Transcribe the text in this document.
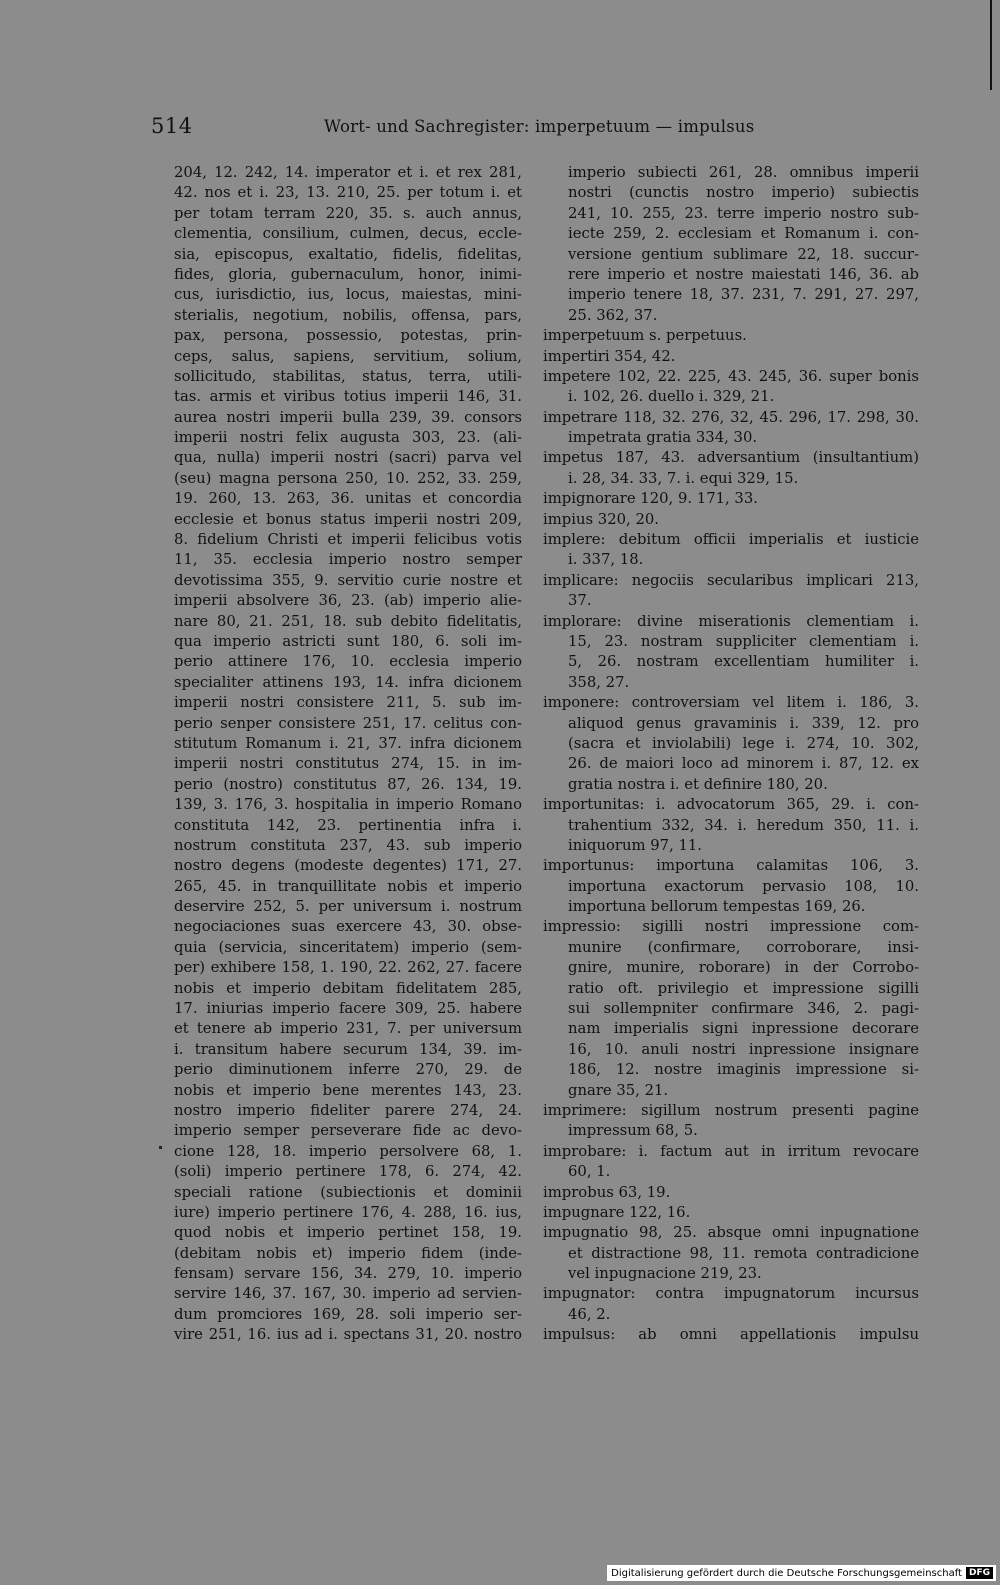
514	Wort- und Sachregister: imperpetuum — impulsus
204, 12. 242, 14. imperator et i. et rex 281,
42. nos et i. 23, 13. 210, 25. per totum i. et
per totam terram 220, 35. s. auch annus,
clementia, consilium, culmen, decus, eccle-
sia, episcopus, exaltatio, fidelis, fidelitas,
fides, gloria, gubernaculum, honor, inimi-
cus, iurisdictio, ius, locus, maiestas, mini-
sterialis, negotium, nobilis, offensa, pars,
pax, persona, possessio, potestas, prin-
ceps, salus, sapiens, servitium, solium,
sollicitudo, stabilitas, status, terra, utili-
tas. armis et viribus totius imperii 146, 31.
aurea nostri imperii bulla 239, 39. consors
imperii nostri felix augusta 303, 23. (ali-
qua, nulla) imperii nostri (sacri) parva vel
(seu) magna persona 250, 10. 252, 33. 259,
19. 260, 13. 263, 36. unitas et concordia
ecclesie et bonus status imperii nostri 209,
8. fidelium Christi et imperii felicibus votis
11, 35. ecclesia imperio nostro semper
devotissima 355, 9. servitio curie nostre et
imperii absolvere 36, 23. (ab) imperio alie-
nare 80, 21. 251, 18. sub debito fidelitatis,
qua imperio astricti sunt 180, 6. soli im-
perio attinere 176, 10. ecclesia imperio
specialiter attinens 193, 14. infra dicionem
imperii nostri consistere 211, 5. sub im-
perio senper consistere 251, 17. celitus con-
stitutum Romanum i. 21, 37. infra dicionem
imperii nostri constitutus 274, 15. in im-
perio (nostro) constitutus 87, 26. 134, 19.
139, 3. 176, 3. hospitalia in imperio Romano
constituta 142, 23. pertinentia infra i.
nostrum constituta 237, 43. sub imperio
nostro degens (modeste degentes) 171, 27.
265, 45. in tranquillitate nobis et imperio
deservire 252, 5. per universum i. nostrum
negociaciones suas exercere 43, 30. obse-
quia (servicia, sinceritatem) imperio (sem-
per) exhibere 158, 1. 190, 22. 262, 27. facere
nobis et imperio debitam fidelitatem 285,
17. iniurias imperio facere 309, 25. habere
et tenere ab imperio 231, 7. per universum
i. transitum habere securum 134, 39. im-
perio diminutionem inferre 270, 29. de
nobis et imperio bene merentes 143, 23.
nostro imperio fideliter parere 274, 24.
imperio semper perseverare fide ac devo-
cione 128, 18. imperio persolvere 68, 1.
(soli) imperio pertinere 178, 6. 274, 42.
speciali ratione (subiectionis et dominii
iure) imperio pertinere 176, 4. 288, 16. ius,
quod nobis et imperio pertinet 158, 19.
(debitam nobis et) imperio fidem (inde-
fensam) servare 156, 34. 279, 10. imperio
servire 146, 37. 167, 30. imperio ad servien-
dum promciores 169, 28. soli imperio ser-
vire 251, 16. ius ad i. spectans 31, 20. nostro
imperio subiecti 261, 28. omnibus imperii
nostri (cunctis nostro imperio) subiectis
241, 10. 255, 23. terre imperio nostro sub-
iecte 259, 2. ecclesiam et Romanum i. con-
versione gentium sublimare 22, 18. succur-
rere imperio et nostre maiestati 146, 36. ab
imperio tenere 18, 37. 231, 7. 291, 27. 297,
25. 362, 37.
imperpetuum s. perpetuus.
impertiri 354, 42.
impetere 102, 22. 225, 43. 245, 36. super bonis
i. 102, 26. duello i. 329, 21.
impetrare 118, 32. 276, 32, 45. 296, 17. 298, 30.
impetrata gratia 334, 30.
impetus 187, 43. adversantium (insultantium)
i. 28, 34. 33, 7. i. equi 329, 15.
impignorare 120, 9. 171, 33.
impius 320, 20.
implere: debitum officii imperialis et iusticie
i. 337, 18.
implicare: negociis secularibus implicari 213,
37.
implorare: divine miserationis clementiam i.
15, 23. nostram suppliciter clementiam i.
5, 26. nostram excellentiam humiliter i.
358, 27.
imponere: controversiam vel litem i. 186, 3.
aliquod genus gravaminis i. 339, 12. pro
(sacra et inviolabili) lege i. 274, 10. 302,
26. de maiori loco ad minorem i. 87, 12. ex
gratia nostra i. et definire 180, 20.
importunitas: i. advocatorum 365, 29. i. con-
trahentium 332, 34. i. heredum 350, 11. i.
iniquorum 97, 11.
importunus: importuna calamitas 106, 3.
importuna exactorum pervasio 108, 10.
importuna bellorum tempestas 169, 26.
impressio: sigilli nostri impressione com-
munire (confirmare, corroborare, insi-
gnire, munire, roborare) in der Corrobo-
ratio oft. privilegio et impressione sigilli
sui sollempniter confirmare 346, 2. pagi-
nam imperialis signi inpressione decorare
16, 10. anuli nostri inpressione insignare
186, 12. nostre imaginis impressione si-
gnare 35, 21.
imprimere: sigillum nostrum presenti pagine
impressum 68, 5.
improbare: i. factum aut in irritum revocare
60, 1.
improbus 63, 19.
impugnare 122, 16.
impugnatio 98, 25. absque omni inpugnatione
et distractione 98, 11. remota contradicione
vel inpugnacione 219, 23.
impugnator: contra impugnatorum incursus
46, 2.
impulsus: ab omni appellationis impulsu
Digitalisierung gefördert durch die Deutsche Forschungsgemeinschaft DFG
